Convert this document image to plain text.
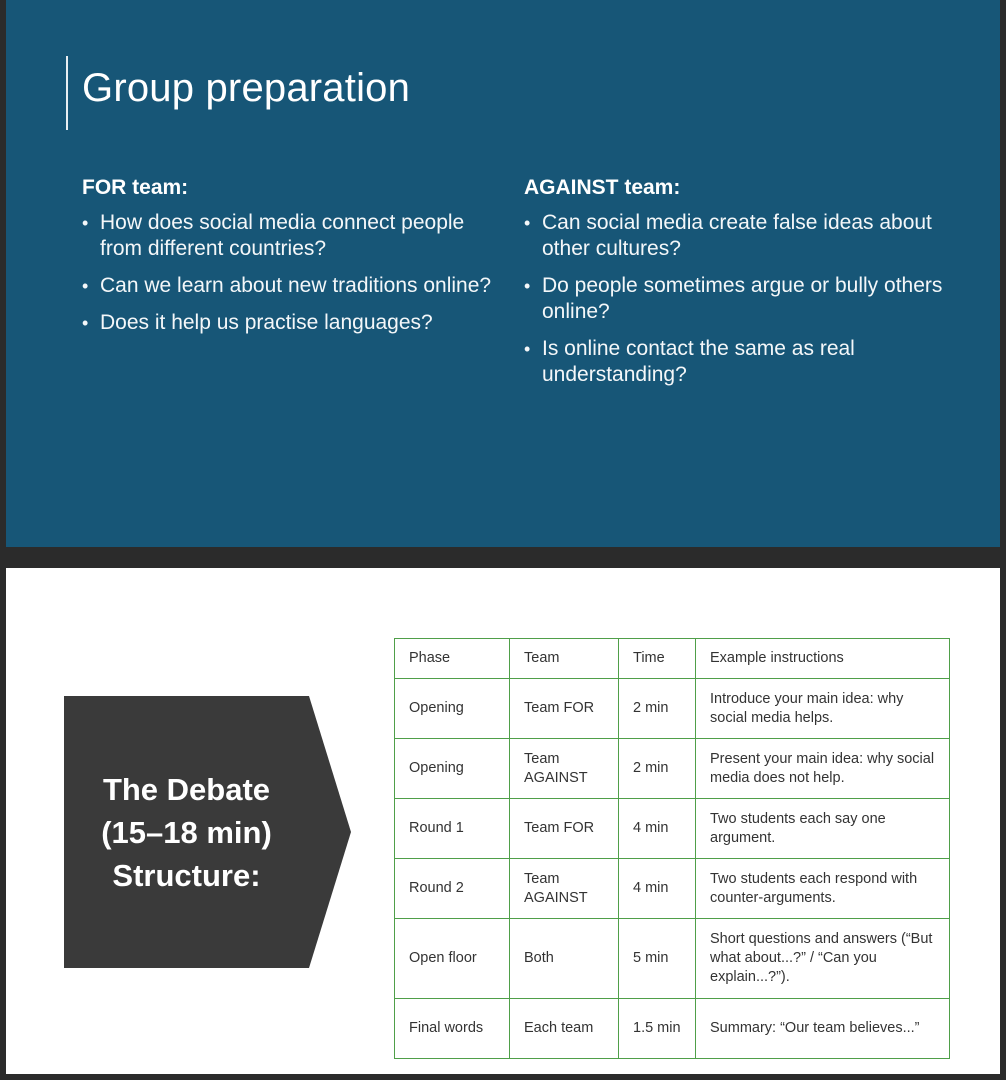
Group preparation
FOR team:
• How does social media connect people from different countries?
• Can we learn about new traditions online?
• Does it help us practise languages?
AGAINST team:
• Can social media create false ideas about other cultures?
• Do people sometimes argue or bully others online?
• Is online contact the same as real understanding?
The Debate
(15–18 min)
Structure:
Phase	Team	Time	Example instructions
Opening	Team FOR	2 min	Introduce your main idea: why social media helps.
Opening	Team AGAINST	2 min	Present your main idea: why social media does not help.
Round 1	Team FOR	4 min	Two students each say one argument.
Round 2	Team AGAINST	4 min	Two students each respond with counter-arguments.
Open floor	Both	5 min	Short questions and answers (“But what about...?” / “Can you explain...?”).
Final words	Each team	1.5 min	Summary: “Our team believes...”
